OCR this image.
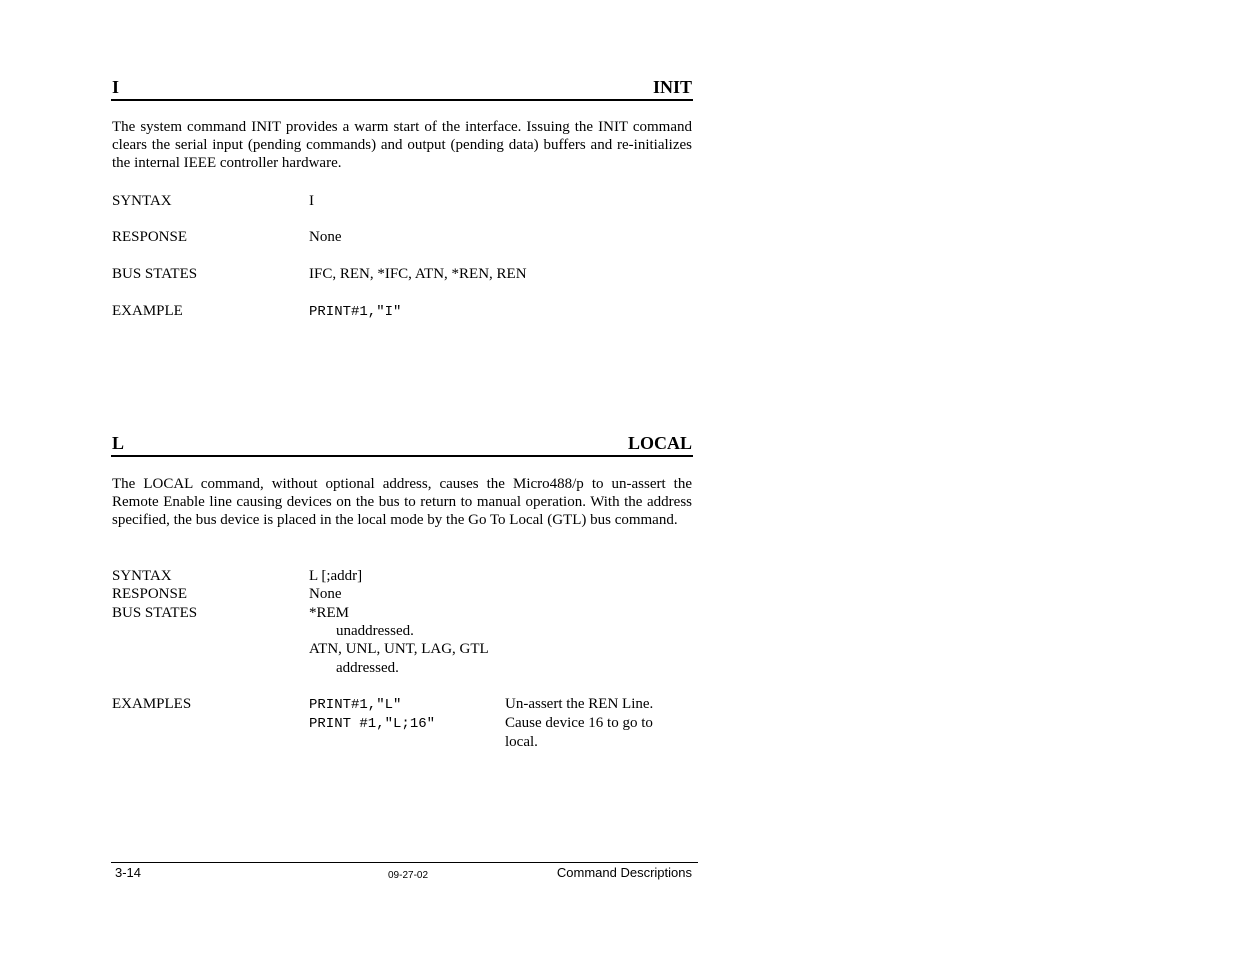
I	INIT
The system command INIT provides a warm start of the interface. Issuing the INIT command clears the serial input (pending commands) and output (pending data) buffers and re-initializes the internal IEEE controller hardware.
SYNTAX	I
RESPONSE	None
BUS STATES	IFC, REN, *IFC, ATN, *REN, REN
EXAMPLE	PRINT#1,"I"
L	LOCAL
The LOCAL command, without optional address, causes the Micro488/p to un-assert the Remote Enable line causing devices on the bus to return to manual operation. With the address specified, the bus device is placed in the local mode by the Go To Local (GTL) bus command.
SYNTAX	L [;addr]
RESPONSE	None
BUS STATES	*REM
unaddressed.
ATN, UNL, UNT, LAG, GTL
addressed.
EXAMPLES	PRINT#1,"L"	Un-assert the REN Line.
PRINT #1,"L;16"	Cause device 16 to go to
local.
3-14	09-27-02	Command Descriptions
